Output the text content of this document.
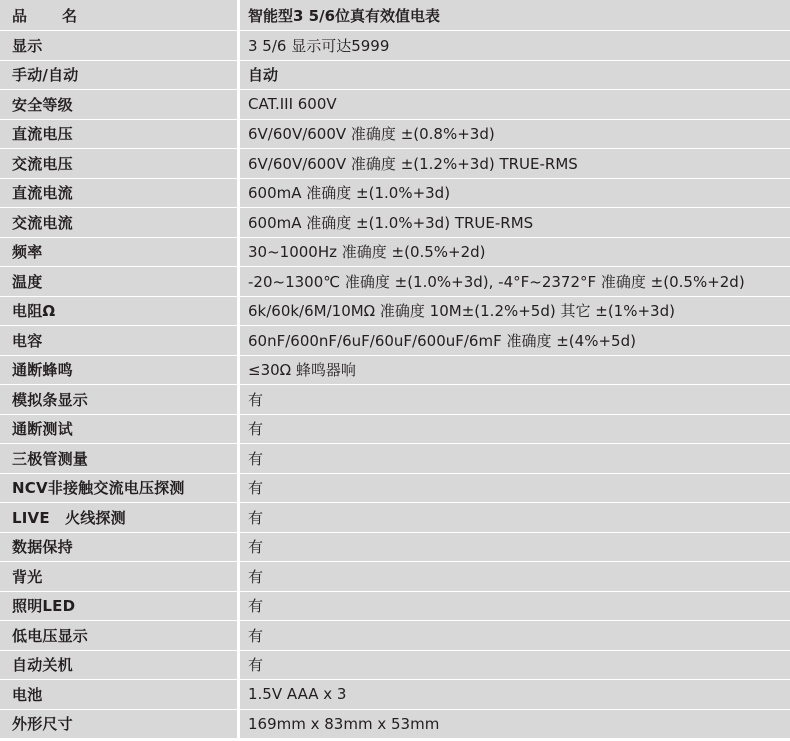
品　名	智能型3 5/6位真有效值电表
显示	3 5/6 显示可达5999
手动/自动	自动
安全等级	CAT.III 600V
直流电压	6V/60V/600V 准确度 ±(0.8%+3d)
交流电压	6V/60V/600V 准确度 ±(1.2%+3d) TRUE-RMS
直流电流	600mA 准确度 ±(1.0%+3d)
交流电流	600mA 准确度 ±(1.0%+3d) TRUE-RMS
频率	30~1000Hz 准确度 ±(0.5%+2d)
温度	-20~1300℃ 准确度 ±(1.0%+3d), -4°F~2372°F 准确度 ±(0.5%+2d)
电阻Ω	6k/60k/6M/10MΩ 准确度 10M±(1.2%+5d) 其它 ±(1%+3d)
电容	60nF/600nF/6uF/60uF/600uF/6mF 准确度 ±(4%+5d)
通断蜂鸣	≤30Ω 蜂鸣器响
模拟条显示	有
通断测试	有
三极管测量	有
NCV非接触交流电压探测	有
LIVE　火线探测	有
数据保持	有
背光	有
照明LED	有
低电压显示	有
自动关机	有
电池	1.5V AAA x 3
外形尺寸	169mm x 83mm x 53mm
